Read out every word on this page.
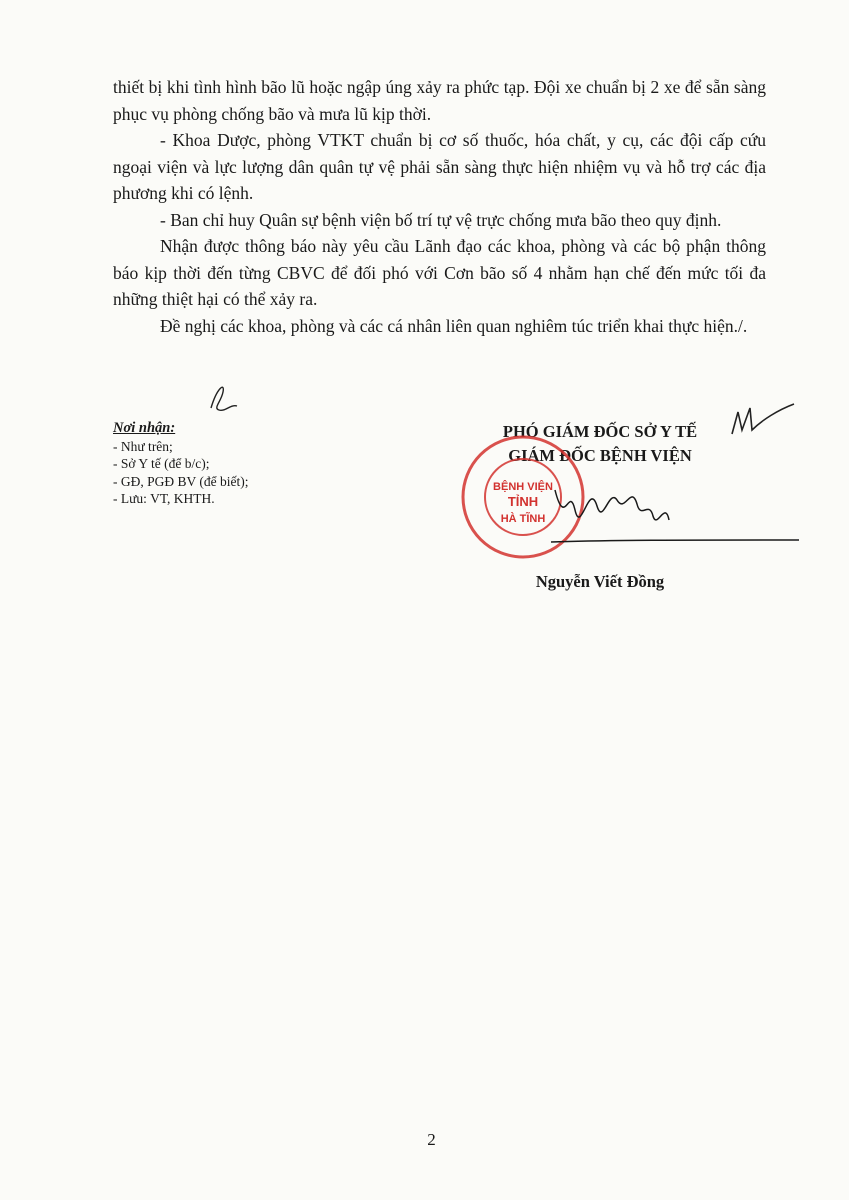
thiết bị khi tình hình bão lũ hoặc ngập úng xảy ra phức tạp. Đội xe chuẩn bị 2 xe để sẵn sàng phục vụ phòng chống bão và mưa lũ kịp thời.

- Khoa Dược, phòng VTKT chuẩn bị cơ số thuốc, hóa chất, y cụ, các đội cấp cứu ngoại viện và lực lượng dân quân tự vệ phải sẵn sàng thực hiện nhiệm vụ và hỗ trợ các địa phương khi có lệnh.

- Ban chỉ huy Quân sự bệnh viện bố trí tự vệ trực chống mưa bão theo quy định.

Nhận được thông báo này yêu cầu Lãnh đạo các khoa, phòng và các bộ phận thông báo kịp thời đến từng CBVC để đối phó với Cơn bão số 4 nhằm hạn chế đến mức tối đa những thiệt hại có thể xảy ra.

Đề nghị các khoa, phòng và các cá nhân liên quan nghiêm túc triển khai thực hiện./.

Nơi nhận:
- Như trên;
- Sở Y tế (để b/c);
- GĐ, PGĐ BV (để biết);
- Lưu: VT, KHTH.
PHÓ GIÁM ĐỐC SỞ Y TẾ
GIÁM ĐỐC BỆNH VIỆN
Nguyễn Viết Đồng
BỆNH VIỆN
TỈNH
HÀ TĨNH
2
